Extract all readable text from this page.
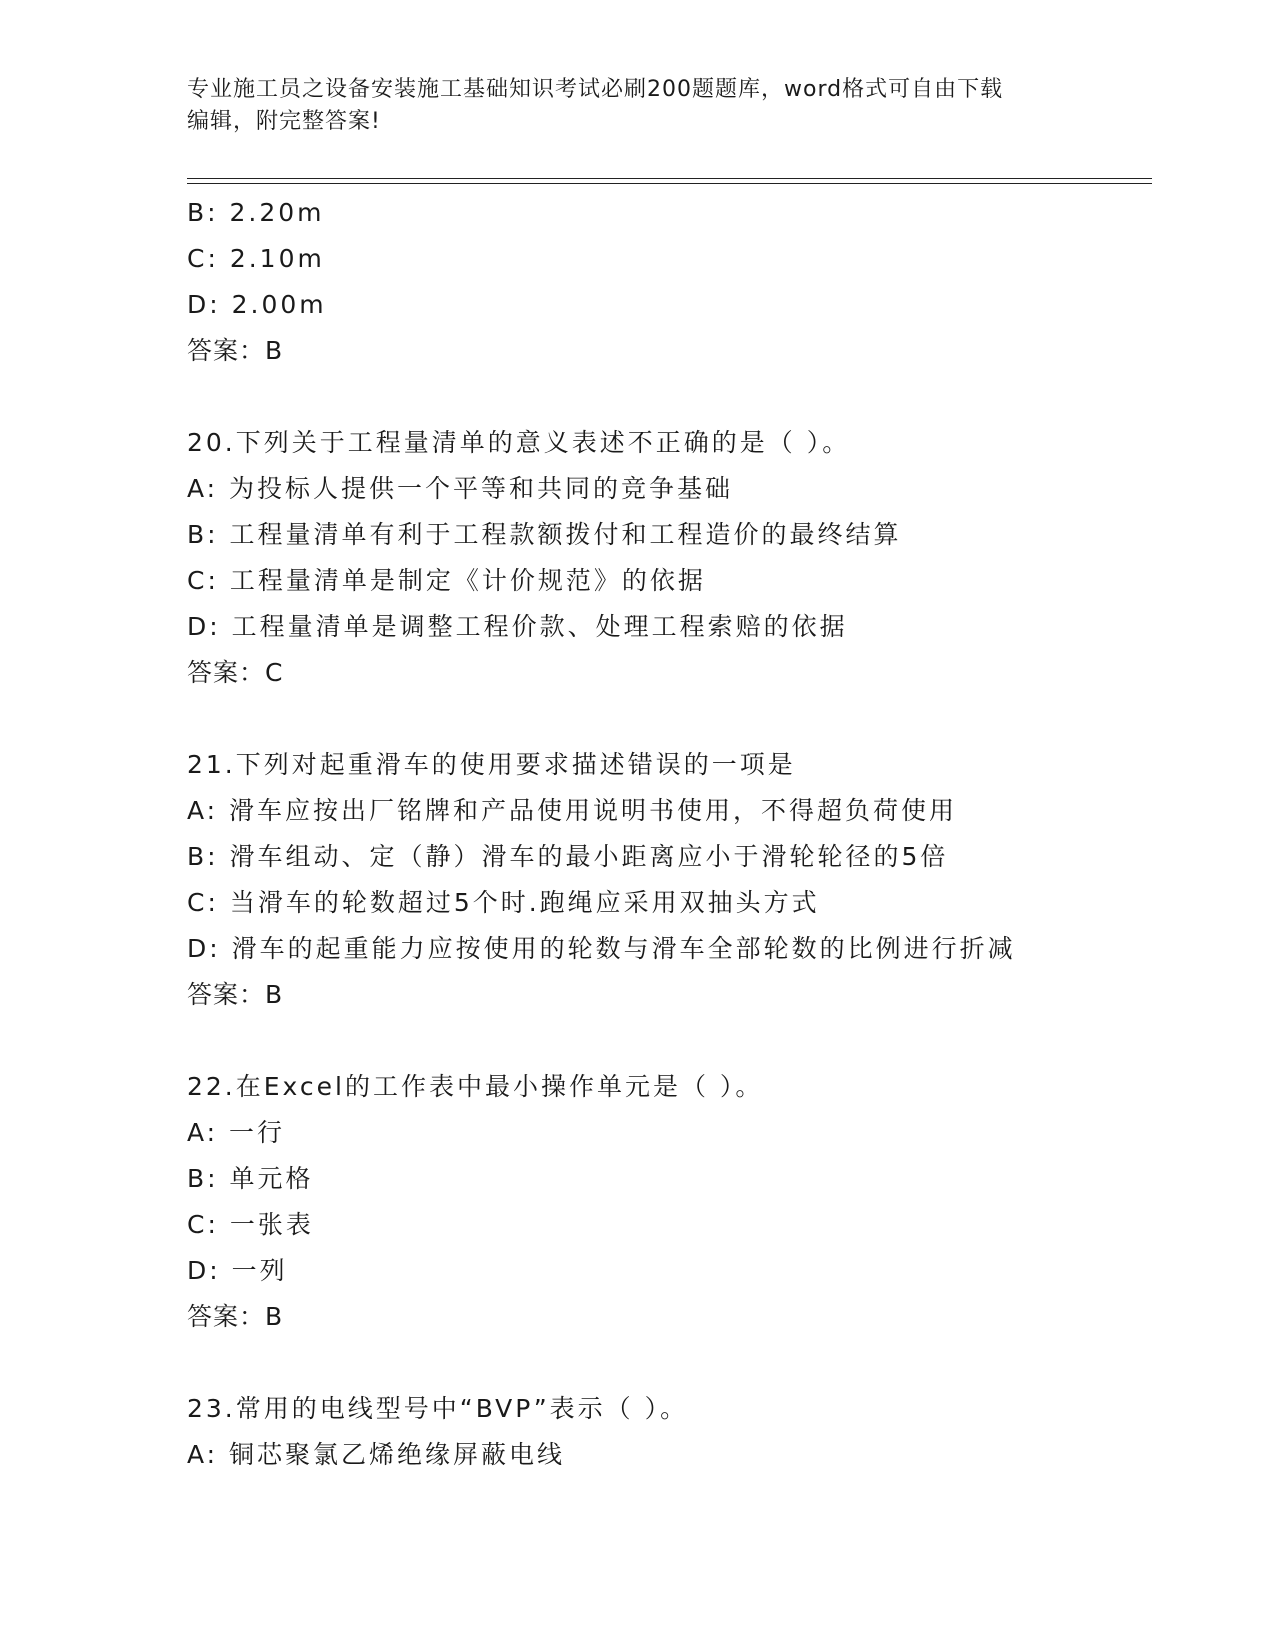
专业施工员之设备安装施工基础知识考试必刷200题题库，word格式可自由下载
编辑，附完整答案!
B: 2.20m
C: 2.10m
D: 2.00m
答案：B
20.下列关于工程量清单的意义表述不正确的是（ ）。
A: 为投标人提供一个平等和共同的竞争基础
B: 工程量清单有利于工程款额拨付和工程造价的最终结算
C: 工程量清单是制定《计价规范》的依据
D: 工程量清单是调整工程价款、处理工程索赔的依据
答案：C
21.下列对起重滑车的使用要求描述错误的一项是
A: 滑车应按出厂铭牌和产品使用说明书使用，不得超负荷使用
B: 滑车组动、定（静）滑车的最小距离应小于滑轮轮径的5倍
C: 当滑车的轮数超过5个时.跑绳应采用双抽头方式
D: 滑车的起重能力应按使用的轮数与滑车全部轮数的比例进行折减
答案：B
22.在Excel的工作表中最小操作单元是（ ）。
A: 一行
B: 单元格
C: 一张表
D: 一列
答案：B
23.常用的电线型号中“BVP”表示（ ）。
A: 铜芯聚氯乙烯绝缘屏蔽电线
